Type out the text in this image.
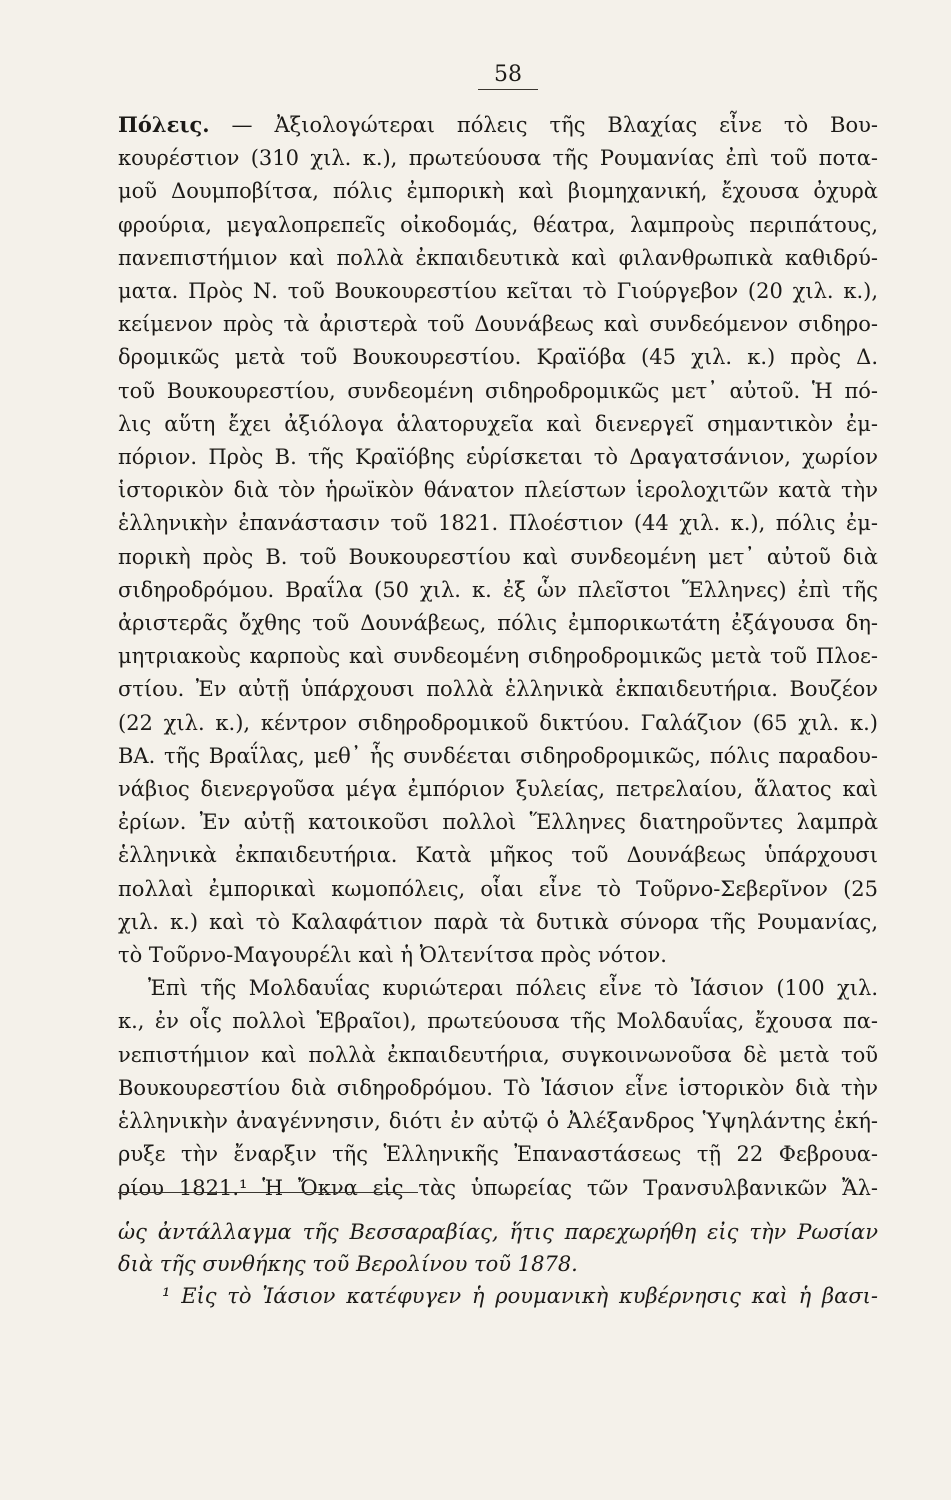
58
Πόλεις. — Ἀξιολογώτεραι πόλεις τῆς Βλαχίας εἶνε τὸ Βου-
κουρέστιον (310 χιλ. κ.), πρωτεύουσα τῆς Ρουμανίας ἐπὶ τοῦ ποτα-
μοῦ Δουμποβίτσα, πόλις ἐμπορικὴ καὶ βιομηχανική, ἔχουσα ὀχυρὰ
φρούρια, μεγαλοπρεπεῖς οἰκοδομάς, θέατρα, λαμπροὺς περιπάτους,
πανεπιστήμιον καὶ πολλὰ ἐκπαιδευτικὰ καὶ φιλανθρωπικὰ καθιδρύ-
ματα. Πρὸς Ν. τοῦ Βουκουρεστίου κεῖται τὸ Γιούργεβον (20 χιλ. κ.),
κείμενον πρὸς τὰ ἀριστερὰ τοῦ Δουνάβεως καὶ συνδεόμενον σιδηρο-
δρομικῶς μετὰ τοῦ Βουκουρεστίου. Κραϊόβα (45 χιλ. κ.) πρὸς Δ.
τοῦ Βουκουρεστίου, συνδεομένη σιδηροδρομικῶς μετ᾽ αὐτοῦ. Ἡ πό-
λις αὕτη ἔχει ἀξιόλογα ἁλατορυχεῖα καὶ διενεργεῖ σημαντικὸν ἐμ-
πόριον. Πρὸς Β. τῆς Κραϊόβης εὑρίσκεται τὸ Δραγατσάνιον, χωρίον
ἱστορικὸν διὰ τὸν ἡρωϊκὸν θάνατον πλείστων ἱερολοχιτῶν κατὰ τὴν
ἑλληνικὴν ἐπανάστασιν τοῦ 1821. Πλοέστιον (44 χιλ. κ.), πόλις ἐμ-
πορικὴ πρὸς Β. τοῦ Βουκουρεστίου καὶ συνδεομένη μετ᾽ αὐτοῦ διὰ
σιδηροδρόμου. Βραΐλα (50 χιλ. κ. ἐξ ὧν πλεῖστοι Ἕλληνες) ἐπὶ τῆς
ἀριστερᾶς ὄχθης τοῦ Δουνάβεως, πόλις ἐμπορικωτάτη ἐξάγουσα δη-
μητριακοὺς καρποὺς καὶ συνδεομένη σιδηροδρομικῶς μετὰ τοῦ Πλοε-
στίου. Ἐν αὐτῇ ὑπάρχουσι πολλὰ ἑλληνικὰ ἐκπαιδευτήρια. Βουζέον
(22 χιλ. κ.), κέντρον σιδηροδρομικοῦ δικτύου. Γαλάζιον (65 χιλ. κ.)
ΒΑ. τῆς Βραΐλας, μεθ᾽ ἧς συνδέεται σιδηροδρομικῶς, πόλις παραδου-
νάβιος διενεργοῦσα μέγα ἐμπόριον ξυλείας, πετρελαίου, ἅλατος καὶ
ἐρίων. Ἐν αὐτῇ κατοικοῦσι πολλοὶ Ἕλληνες διατηροῦντες λαμπρὰ
ἑλληνικὰ ἐκπαιδευτήρια. Κατὰ μῆκος τοῦ Δουνάβεως ὑπάρχουσι
πολλαὶ ἐμπορικαὶ κωμοπόλεις, οἷαι εἶνε τὸ Τοῦρνο-Σεβερῖνον (25
χιλ. κ.) καὶ τὸ Καλαφάτιον παρὰ τὰ δυτικὰ σύνορα τῆς Ρουμανίας,
τὸ Τοῦρνο-Μαγουρέλι καὶ ἡ Ὀλτενίτσα πρὸς νότον.
Ἐπὶ τῆς Μολδαυΐας κυριώτεραι πόλεις εἶνε τὸ Ἰάσιον (100 χιλ.
κ., ἐν οἷς πολλοὶ Ἑβραῖοι), πρωτεύουσα τῆς Μολδαυΐας, ἔχουσα πα-
νεπιστήμιον καὶ πολλὰ ἐκπαιδευτήρια, συγκοινωνοῦσα δὲ μετὰ τοῦ
Βουκουρεστίου διὰ σιδηροδρόμου. Τὸ Ἰάσιον εἶνε ἱστορικὸν διὰ τὴν
ἑλληνικὴν ἀναγέννησιν, διότι ἐν αὐτῷ ὁ Ἀλέξανδρος Ὑψηλάντης ἐκή-
ρυξε τὴν ἔναρξιν τῆς Ἑλληνικῆς Ἐπαναστάσεως τῇ 22 Φεβρουα-
ρίου 1821.¹ Ἡ Ὄκνα εἰς τὰς ὑπωρείας τῶν Τρανσυλβανικῶν Ἄλ-
ὡς ἀντάλλαγμα τῆς Βεσσαραβίας, ἥτις παρεχωρήθη εἰς τὴν Ρωσίαν
διὰ τῆς συνθήκης τοῦ Βερολίνου τοῦ 1878.
¹ Εἰς τὸ Ἰάσιον κατέφυγεν ἡ ρουμανικὴ κυβέρνησις καὶ ἡ βασι-
